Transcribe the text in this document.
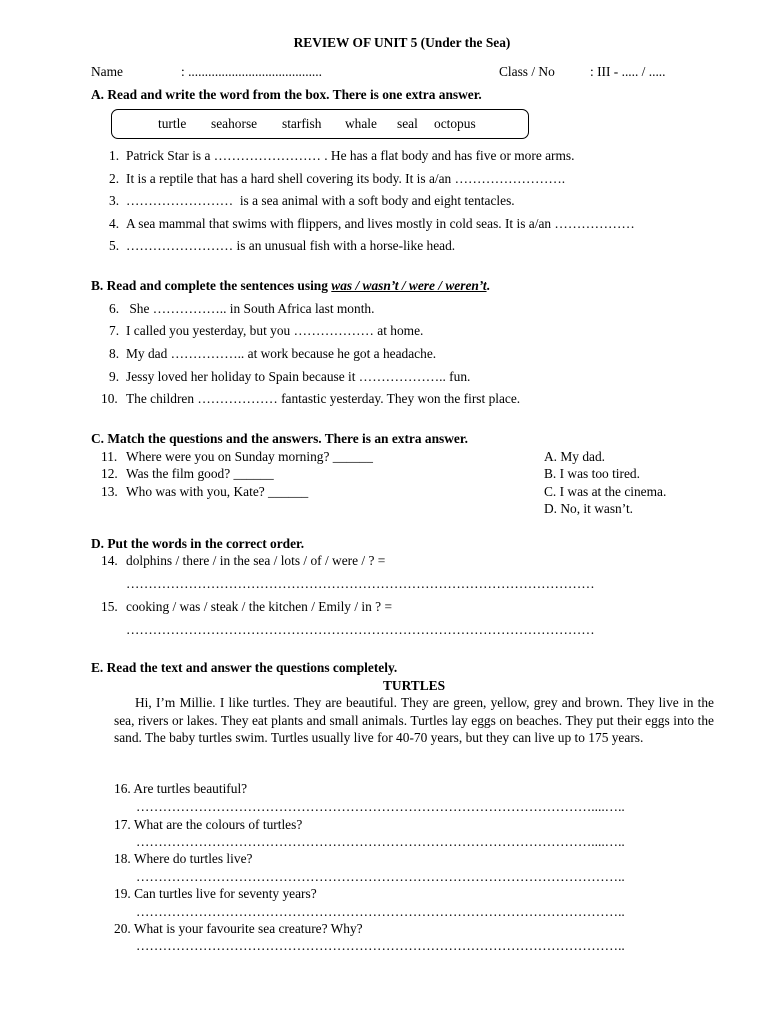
REVIEW OF UNIT 5 (Under the Sea)
Name	: ........................................	Class / No	: III - ..... / .....
A. Read and write the word from the box. There is one extra answer.
turtle seahorse starfish whale seal octopus
1. Patrick Star is a …………………… . He has a flat body and has five or more arms.
2. It is a reptile that has a hard shell covering its body. It is a/an …………………….
3. ……………………  is a sea animal with a soft body and eight tentacles.
4. A sea mammal that swims with flippers, and lives mostly in cold seas. It is a/an ………………
5. …………………… is an unusual fish with a horse-like head.
B. Read and complete the sentences using was / wasn’t / were / weren’t.
6. She …………….. in South Africa last month.
7. I called you yesterday, but you ……………… at home.
8. My dad …………….. at work because he got a headache.
9. Jessy loved her holiday to Spain because it ……………….. fun.
10. The children ……………… fantastic yesterday. They won the first place.
C. Match the questions and the answers. There is an extra answer.
11. Where were you on Sunday morning? ______
12. Was the film good? ______
13. Who was with you, Kate? ______
A. My dad.
B. I was too tired.
C. I was at the cinema.
D. No, it wasn’t.
D. Put the words in the correct order.
14. dolphins / there / in the sea / lots / of / were / ? =
……………………………………………………………………………………………
15. cooking / was / steak / the kitchen / Emily / in ? =
……………………………………………………………………………………………
E. Read the text and answer the questions completely.
TURTLES
Hi, I’m Millie. I like turtles. They are beautiful. They are green, yellow, grey and brown. They live in the sea, rivers or lakes. They eat plants and small animals. Turtles lay eggs on beaches. They put their eggs into the sand. The baby turtles swim. Turtles usually live for 40-70 years, but they can live up to 175 years.
16. Are turtles beautiful?
…………………………………………………………………………………………....…..
17. What are the colours of turtles?
…………………………………………………………………………………………....…..
18. Where do turtles live?
………………………………………………………………………………………………..
19. Can turtles live for seventy years?
………………………………………………………………………………………………..
20. What is your favourite sea creature? Why?
………………………………………………………………………………………………..
